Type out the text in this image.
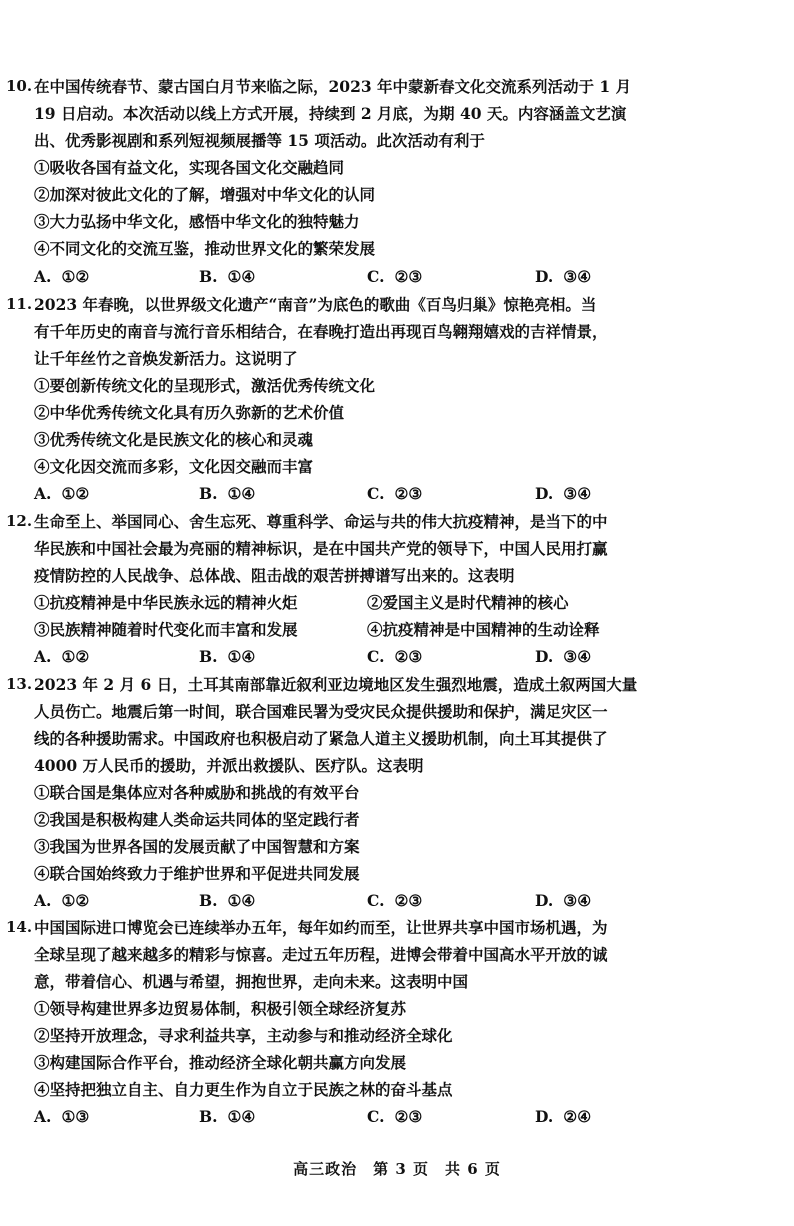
10. 在中国传统春节、蒙古国白月节来临之际，2023 年中蒙新春文化交流系列活动于 1 月
19 日启动。本次活动以线上方式开展，持续到 2 月底，为期 40 天。内容涵盖文艺演
出、优秀影视剧和系列短视频展播等 15 项活动。此次活动有利于
①吸收各国有益文化，实现各国文化交融趋同
②加深对彼此文化的了解，增强对中华文化的认同
③大力弘扬中华文化，感悟中华文化的独特魅力
④不同文化的交流互鉴，推动世界文化的繁荣发展
A. ①②	B. ①④	C. ②③	D. ③④
11. 2023 年春晚，以世界级文化遗产“南音”为底色的歌曲《百鸟归巢》惊艳亮相。当
有千年历史的南音与流行音乐相结合，在春晚打造出再现百鸟翱翔嬉戏的吉祥情景，
让千年丝竹之音焕发新活力。这说明了
①要创新传统文化的呈现形式，激活优秀传统文化
②中华优秀传统文化具有历久弥新的艺术价值
③优秀传统文化是民族文化的核心和灵魂
④文化因交流而多彩，文化因交融而丰富
A. ①②	B. ①④	C. ②③	D. ③④
12. 生命至上、举国同心、舍生忘死、尊重科学、命运与共的伟大抗疫精神，是当下的中
华民族和中国社会最为亮丽的精神标识，是在中国共产党的领导下，中国人民用打赢
疫情防控的人民战争、总体战、阻击战的艰苦拼搏谱写出来的。这表明
①抗疫精神是中华民族永远的精神火炬	②爱国主义是时代精神的核心
③民族精神随着时代变化而丰富和发展	④抗疫精神是中国精神的生动诠释
A. ①②	B. ①④	C. ②③	D. ③④
13. 2023 年 2 月 6 日，土耳其南部靠近叙利亚边境地区发生强烈地震，造成土叙两国大量
人员伤亡。地震后第一时间，联合国难民署为受灾民众提供援助和保护，满足灾区一
线的各种援助需求。中国政府也积极启动了紧急人道主义援助机制，向土耳其提供了
4000 万人民币的援助，并派出救援队、医疗队。这表明
①联合国是集体应对各种威胁和挑战的有效平台
②我国是积极构建人类命运共同体的坚定践行者
③我国为世界各国的发展贡献了中国智慧和方案
④联合国始终致力于维护世界和平促进共同发展
A. ①②	B. ①④	C. ②③	D. ③④
14. 中国国际进口博览会已连续举办五年，每年如约而至，让世界共享中国市场机遇，为
全球呈现了越来越多的精彩与惊喜。走过五年历程，进博会带着中国高水平开放的诚
意，带着信心、机遇与希望，拥抱世界，走向未来。这表明中国
①领导构建世界多边贸易体制，积极引领全球经济复苏
②坚持开放理念，寻求利益共享，主动参与和推动经济全球化
③构建国际合作平台，推动经济全球化朝共赢方向发展
④坚持把独立自主、自力更生作为自立于民族之林的奋斗基点
A. ①③	B. ①④	C. ②③	D. ②④
高三政治　第 3 页　共 6 页
